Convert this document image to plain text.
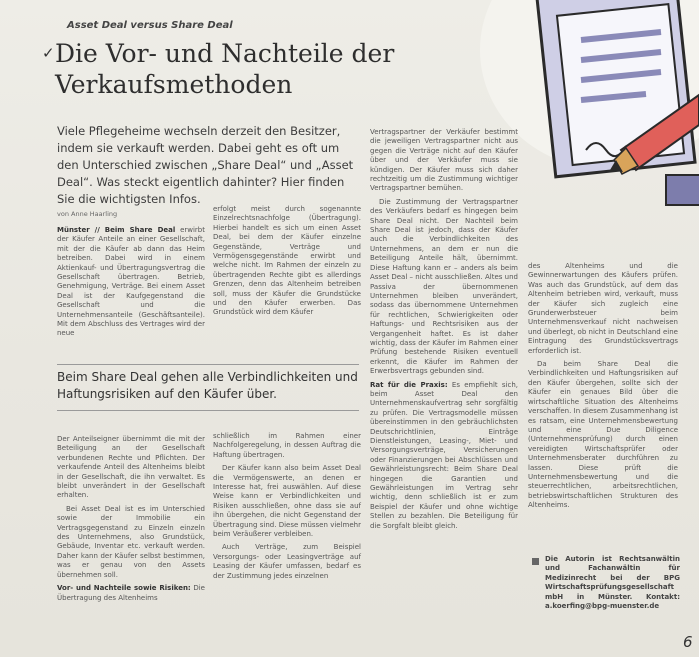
Asset Deal versus Share Deal
✓ Die Vor- und Nachteile der Verkaufsmethoden
Viele Pflegeheime wechseln derzeit den Besitzer, indem sie verkauft werden. Dabei geht es oft um den Unterschied zwischen „Share Deal“ und „Asset Deal“. Was steckt eigentlich dahinter? Hier finden Sie die wichtigsten Infos.
von Anne Haarling

Münster // Beim Share Deal erwirbt der Käufer Anteile an einer Gesellschaft, mit der die Käufer ab dann das Heim betreiben. Dabei wird in einem Aktienkauf- und Übertragungsvertrag die Gesellschaft übertragen. Betrieb, Genehmigung, Verträge. Bei einem Asset Deal ist der Kaufgegenstand die Gesellschaft und die Unternehmensanteile (Geschäftsanteile). Mit dem Abschluss des Vertrages wird der neue

erfolgt meist durch sogenannte Einzelrechtsnachfolge (Übertragung). Hierbei handelt es sich um einen Asset Deal, bei dem der Käufer einzelne Gegenstände, Verträge und Vermögensgegenstände erwirbt und welche nicht. Im Rahmen der einzeln zu übertragenden Rechte gibt es allerdings Grenzen, denn das Altenheim betreiben soll, muss der Käufer die Grundstücke und den Käufer erwerben. Das Grundstück wird dem Käufer

Beim Share Deal gehen alle Verbindlichkeiten und Haftungsrisiken auf den Käufer über.

Der Anteilseigner übernimmt die mit der Beteiligung an der Gesellschaft verbundenen Rechte und Pflichten. Der verkaufende Anteil des Altenheims bleibt in der Gesellschaft, die ihn verwaltet. Es bleibt unverändert in der Gesellschaft erhalten.

Bei Asset Deal ist es im Unterschied sowie der Immobilie ein Vertragsgegenstand zu Einzeln einzeln des Unternehmens, also Grundstück, Gebäude, Inventar etc. verkauft werden. Daher kann der Käufer selbst bestimmen, was er genau von den Assets übernehmen soll.

Vor- und Nachteile sowie Risiken: Die Übertragung des Altenheims

schließlich im Rahmen einer Nachfolgeregelung, in dessen Auftrag die Haftung übertragen.

Der Käufer kann also beim Asset Deal die Vermögenswerte, an denen er Interesse hat, frei auswählen. Auf diese Weise kann er Verbindlichkeiten und Risiken ausschließen, ohne dass sie auf ihn übergehen, die nicht Gegenstand der Übertragung sind. Diese müssen vielmehr beim Veräußerer verbleiben.

Auch Verträge, zum Beispiel Versorgungs- oder Leasingverträge auf Leasing der Käufer umfassen, bedarf es der Zustimmung jedes einzelnen

Vertragspartner der Verkäufer bestimmt die jeweiligen Vertragspartner nicht aus gegen die Verträge nicht auf den Käufer über und der Verkäufer muss sie kündigen. Der Käufer muss sich daher rechtzeitig um die Zustimmung wichtiger Vertragspartner bemühen.

Die Zustimmung der Vertragspartner des Verkäufers bedarf es hingegen beim Share Deal nicht. Der Nachteil beim Share Deal ist jedoch, dass der Käufer auch die Verbindlichkeiten des Unternehmens, an dem er nun die Beteiligung Anteile hält, übernimmt. Diese Haftung kann er – anders als beim Asset Deal – nicht ausschließen. Altes und Passiva der übernommenen Unternehmen bleiben unverändert, sodass das übernommene Unternehmen für rechtlichen, Schwierigkeiten oder Haftungs- und Rechtsrisiken aus der Vergangenheit haftet. Es ist daher wichtig, dass der Käufer im Rahmen einer Prüfung bestehende Risiken eventuell erkennt, die Käufer im Rahmen der Erwerbsvertrags gebunden sind.

Rat für die Praxis: Es empfiehlt sich, beim Asset Deal den Unternehmenskaufvertrag sehr sorgfältig zu prüfen. Die Vertragsmodelle müssen übereinstimmen in den gebräuchlichsten Deutschrichtlinien, Einträge Dienstleistungen, Leasing-, Miet- und Versorgungsverträge, Versicherungen oder Finanzierungen bei Abschlüssen und Gewährleistungsrecht: Beim Share Deal hingegen die Garantien und Gewährleistungen im Vertrag sehr wichtig, denn schließlich ist er zum Beispiel der Käufer und ohne wichtige Stellen zu bezahlen. Die Beteiligung für die Sorgfalt bleibt gleich.

des Altenheims und die Gewinnerwartungen des Käufers prüfen. Was auch das Grundstück, auf dem das Altenheim betrieben wird, verkauft, muss der Käufer sich zugleich eine Grunderwerbsteuer beim Unternehmensverkauf nicht nachweisen und überlegt, ob nicht in Deutschland eine Eintragung des Grundstücksvertrags erforderlich ist.

Da beim Share Deal die Verbindlichkeiten und Haftungsrisiken auf den Käufer übergehen, sollte sich der Käufer ein genaues Bild über die wirtschaftliche Situation des Altenheims verschaffen. In diesem Zusammenhang ist es ratsam, eine Unternehmensbewertung und eine Due Diligence (Unternehmensprüfung) durch einen vereidigten Wirtschaftsprüfer oder Unternehmensberater durchführen zu lassen. Diese prüft die Unternehmensbewertung und die steuerrechtlichen, arbeitsrechtlichen, betriebswirtschaftlichen Strukturen des Altenheims.

Die Autorin ist Rechtsanwältin und Fachanwältin für Medizinrecht bei der BPG Wirtschaftsprüfungsgesellschaft mbH in Münster. Kontakt: a.koerfing@bpg-muenster.de

6
